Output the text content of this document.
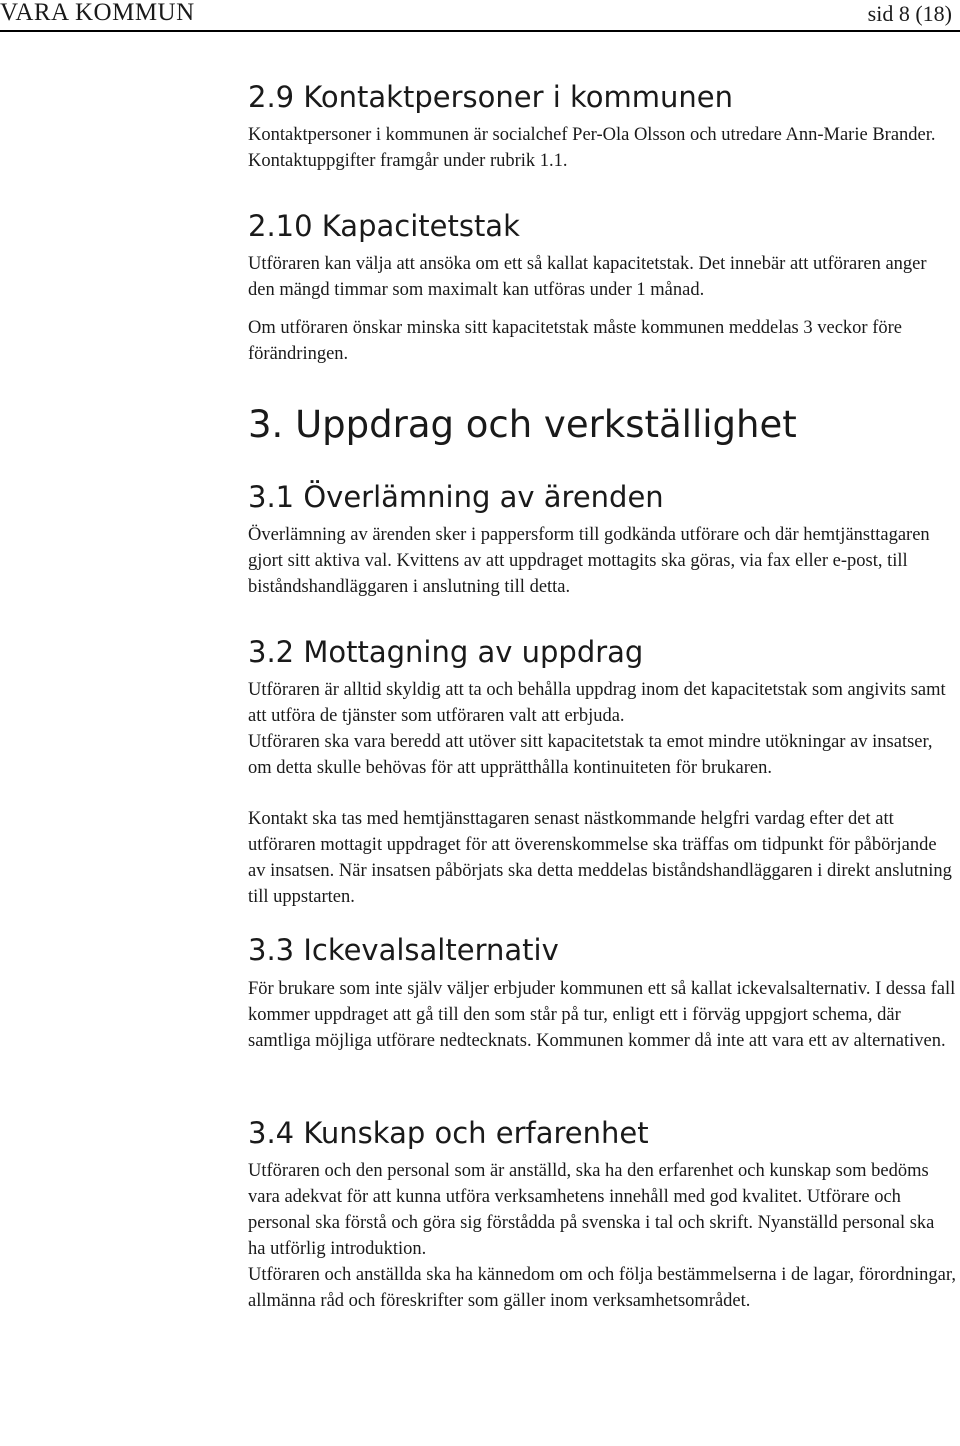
VARA KOMMUN	sid 8 (18)
2.9 Kontaktpersoner i kommunen

Kontaktpersoner i kommunen är socialchef Per-Ola Olsson och utredare Ann-Marie Brander. Kontaktuppgifter framgår under rubrik 1.1.

2.10 Kapacitetstak

Utföraren kan välja att ansöka om ett så kallat kapacitetstak. Det innebär att utföraren anger den mängd timmar som maximalt kan utföras under 1 månad.

Om utföraren önskar minska sitt kapacitetstak måste kommunen meddelas 3 veckor före förändringen.

3. Uppdrag och verkställighet
3.1 Överlämning av ärenden

Överlämning av ärenden sker i pappersform till godkända utförare och där hemtjänsttagaren gjort sitt aktiva val. Kvittens av att uppdraget mottagits ska göras, via fax eller e-post, till biståndshandläggaren i anslutning till detta.

3.2 Mottagning av uppdrag

Utföraren är alltid skyldig att ta och behålla uppdrag inom det kapacitetstak som angivits samt att utföra de tjänster som utföraren valt att erbjuda.

Utföraren ska vara beredd att utöver sitt kapacitetstak ta emot mindre utökningar av insatser, om detta skulle behövas för att upprätthålla kontinuiteten för brukaren.

Kontakt ska tas med hemtjänsttagaren senast nästkommande helgfri vardag efter det att utföraren mottagit uppdraget för att överenskommelse ska träffas om tidpunkt för påbörjande av insatsen. När insatsen påbörjats ska detta meddelas biståndshandläggaren i direkt anslutning till uppstarten.

3.3 Ickevalsalternativ

För brukare som inte själv väljer erbjuder kommunen ett så kallat ickevalsalternativ. I dessa fall kommer uppdraget att gå till den som står på tur, enligt ett i förväg uppgjort schema, där samtliga möjliga utförare nedtecknats. Kommunen kommer då inte att vara ett av alternativen.

3.4 Kunskap och erfarenhet

Utföraren och den personal som är anställd, ska ha den erfarenhet och kunskap som bedöms vara adekvat för att kunna utföra verksamhetens innehåll med god kvalitet. Utförare och personal ska förstå och göra sig förstådda på svenska i tal och skrift. Nyanställd personal ska ha utförlig introduktion.

Utföraren och anställda ska ha kännedom om och följa bestämmelserna i de lagar, förordningar, allmänna råd och föreskrifter som gäller inom verksamhetsområdet.
